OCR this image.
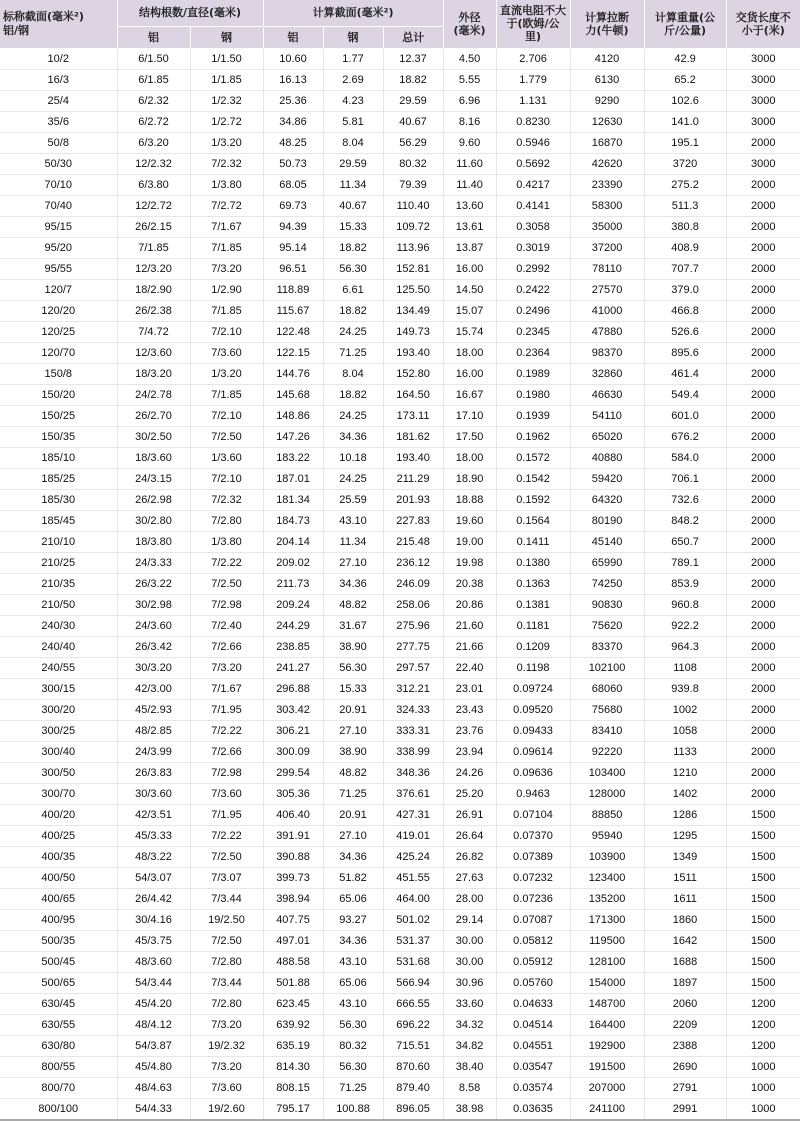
标称截面(毫米²)
铝/钢	结构根数/直径(毫米)		计算截面(毫米²)			外径(毫米)	直流电阻不大于(欧姆/公里)	计算拉断力(牛顿)	计算重量(公斤/公量)	交货长度不小于(米)

	铝	钢	铝	钢	总计					
10/2	6/1.50	1/1.50	10.60	1.77	12.37	4.50	2.706	4120	42.9	3000
16/3	6/1.85	1/1.85	16.13	2.69	18.82	5.55	1.779	6130	65.2	3000
25/4	6/2.32	1/2.32	25.36	4.23	29.59	6.96	1.131	9290	102.6	3000
35/6	6/2.72	1/2.72	34.86	5.81	40.67	8.16	0.8230	12630	141.0	3000
50/8	6/3.20	1/3.20	48.25	8.04	56.29	9.60	0.5946	16870	195.1	2000
50/30	12/2.32	7/2.32	50.73	29.59	80.32	11.60	0.5692	42620	3720	3000
70/10	6/3.80	1/3.80	68.05	11.34	79.39	11.40	0.4217	23390	275.2	2000
70/40	12/2.72	7/2.72	69.73	40.67	110.40	13.60	0.4141	58300	511.3	2000
95/15	26/2.15	7/1.67	94.39	15.33	109.72	13.61	0.3058	35000	380.8	2000
95/20	7/1.85	7/1.85	95.14	18.82	113.96	13.87	0.3019	37200	408.9	2000
95/55	12/3.20	7/3.20	96.51	56.30	152.81	16.00	0.2992	78110	707.7	2000
120/7	18/2.90	1/2.90	118.89	6.61	125.50	14.50	0.2422	27570	379.0	2000
120/20	26/2.38	7/1.85	115.67	18.82	134.49	15.07	0.2496	41000	466.8	2000
120/25	7/4.72	7/2.10	122.48	24.25	149.73	15.74	0.2345	47880	526.6	2000
120/70	12/3.60	7/3.60	122.15	71.25	193.40	18.00	0.2364	98370	895.6	2000
150/8	18/3.20	1/3.20	144.76	8.04	152.80	16.00	0.1989	32860	461.4	2000
150/20	24/2.78	7/1.85	145.68	18.82	164.50	16.67	0.1980	46630	549.4	2000
150/25	26/2.70	7/2.10	148.86	24.25	173.11	17.10	0.1939	54110	601.0	2000
150/35	30/2.50	7/2.50	147.26	34.36	181.62	17.50	0.1962	65020	676.2	2000
185/10	18/3.60	1/3.60	183.22	10.18	193.40	18.00	0.1572	40880	584.0	2000
185/25	24/3.15	7/2.10	187.01	24.25	211.29	18.90	0.1542	59420	706.1	2000
185/30	26/2.98	7/2.32	181.34	25.59	201.93	18.88	0.1592	64320	732.6	2000
185/45	30/2.80	7/2.80	184.73	43.10	227.83	19.60	0.1564	80190	848.2	2000
210/10	18/3.80	1/3.80	204.14	11.34	215.48	19.00	0.1411	45140	650.7	2000
210/25	24/3.33	7/2.22	209.02	27.10	236.12	19.98	0.1380	65990	789.1	2000
210/35	26/3.22	7/2.50	211.73	34.36	246.09	20.38	0.1363	74250	853.9	2000
210/50	30/2.98	7/2.98	209.24	48.82	258.06	20.86	0.1381	90830	960.8	2000
240/30	24/3.60	7/2.40	244.29	31.67	275.96	21.60	0.1181	75620	922.2	2000
240/40	26/3.42	7/2.66	238.85	38.90	277.75	21.66	0.1209	83370	964.3	2000
240/55	30/3.20	7/3.20	241.27	56.30	297.57	22.40	0.1198	102100	1108	2000
300/15	42/3.00	7/1.67	296.88	15.33	312.21	23.01	0.09724	68060	939.8	2000
300/20	45/2.93	7/1.95	303.42	20.91	324.33	23.43	0.09520	75680	1002	2000
300/25	48/2.85	7/2.22	306.21	27.10	333.31	23.76	0.09433	83410	1058	2000
300/40	24/3.99	7/2.66	300.09	38.90	338.99	23.94	0.09614	92220	1133	2000
300/50	26/3.83	7/2.98	299.54	48.82	348.36	24.26	0.09636	103400	1210	2000
300/70	30/3.60	7/3.60	305.36	71.25	376.61	25.20	0.9463	128000	1402	2000
400/20	42/3.51	7/1.95	406.40	20.91	427.31	26.91	0.07104	88850	1286	1500
400/25	45/3.33	7/2.22	391.91	27.10	419.01	26.64	0.07370	95940	1295	1500
400/35	48/3.22	7/2.50	390.88	34.36	425.24	26.82	0.07389	103900	1349	1500
400/50	54/3.07	7/3.07	399.73	51.82	451.55	27.63	0.07232	123400	1511	1500
400/65	26/4.42	7/3.44	398.94	65.06	464.00	28.00	0.07236	135200	1611	1500
400/95	30/4.16	19/2.50	407.75	93.27	501.02	29.14	0.07087	171300	1860	1500
500/35	45/3.75	7/2.50	497.01	34.36	531.37	30.00	0.05812	119500	1642	1500
500/45	48/3.60	7/2.80	488.58	43.10	531.68	30.00	0.05912	128100	1688	1500
500/65	54/3.44	7/3.44	501.88	65.06	566.94	30.96	0.05760	154000	1897	1500
630/45	45/4.20	7/2.80	623.45	43.10	666.55	33.60	0.04633	148700	2060	1200
630/55	48/4.12	7/3.20	639.92	56.30	696.22	34.32	0.04514	164400	2209	1200
630/80	54/3.87	19/2.32	635.19	80.32	715.51	34.82	0.04551	192900	2388	1200
800/55	45/4.80	7/3.20	814.30	56.30	870.60	38.40	0.03547	191500	2690	1000
800/70	48/4.63	7/3.60	808.15	71.25	879.40	8.58	0.03574	207000	2791	1000
800/100	54/4.33	19/2.60	795.17	100.88	896.05	38.98	0.03635	241100	2991	1000
